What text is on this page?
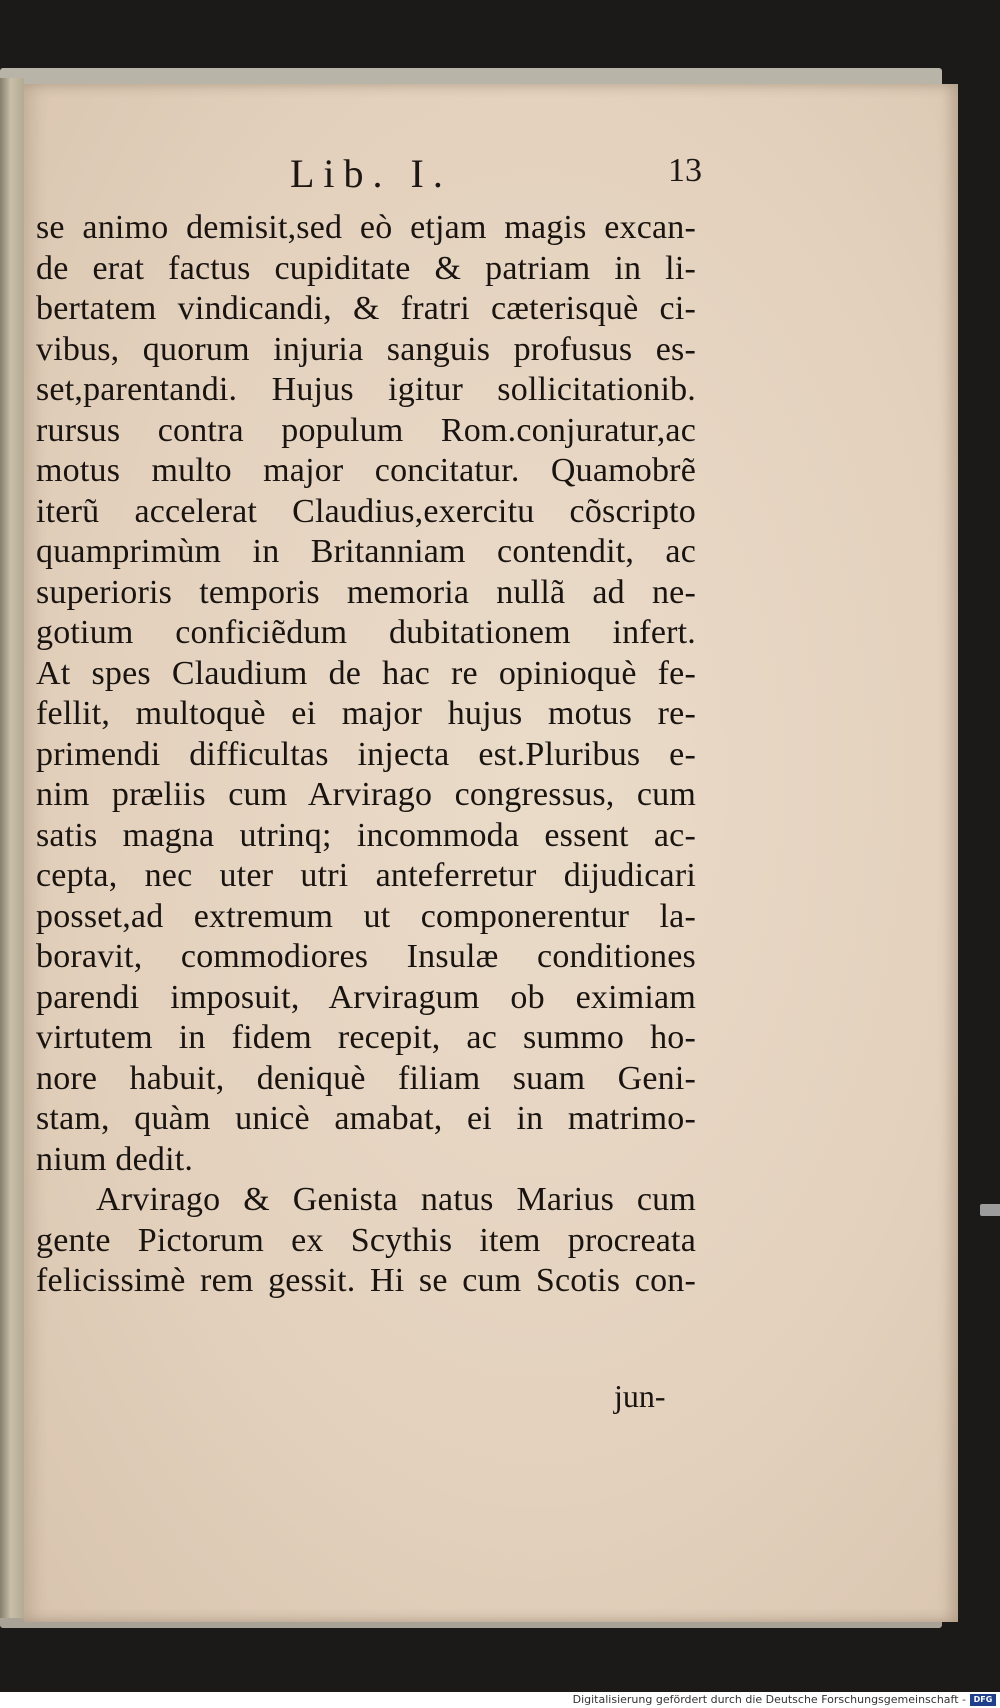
Lib. I.	13
se animo demisit,sed eò etjam magis excan-
de erat factus cupiditate & patriam in li-
bertatem vindicandi, & fratri cæterisquè ci-
vibus, quorum injuria sanguis profusus es-
set,parentandi. Hujus igitur sollicitationib.
rursus contra populum Rom.conjuratur,ac
motus multo major concitatur. Quamobrẽ
iterũ accelerat Claudius,exercitu cõscripto
quamprimùm in Britanniam contendit, ac
superioris temporis memoria nullã ad ne-
gotium conficiẽdum dubitationem infert.
At spes Claudium de hac re opinioquè fe-
fellit, multoquè ei major hujus motus re-
primendi difficultas injecta est.Pluribus e-
nim præliis cum Arvirago congressus, cum
satis magna utrinq; incommoda essent ac-
cepta, nec uter utri anteferretur dijudicari
posset,ad extremum ut componerentur la-
boravit, commodiores Insulæ conditiones
parendi imposuit, Arviragum ob eximiam
virtutem in fidem recepit, ac summo ho-
nore habuit, deniquè filiam suam Geni-
stam, quàm unicè amabat, ei in matrimo-
nium dedit.
Arvirago & Genista natus Marius cum
gente Pictorum ex Scythis item procreata
felicissimè rem gessit. Hi se cum Scotis con-
jun-
Digitalisierung gefördert durch die Deutsche Forschungsgemeinschaft - DFG
